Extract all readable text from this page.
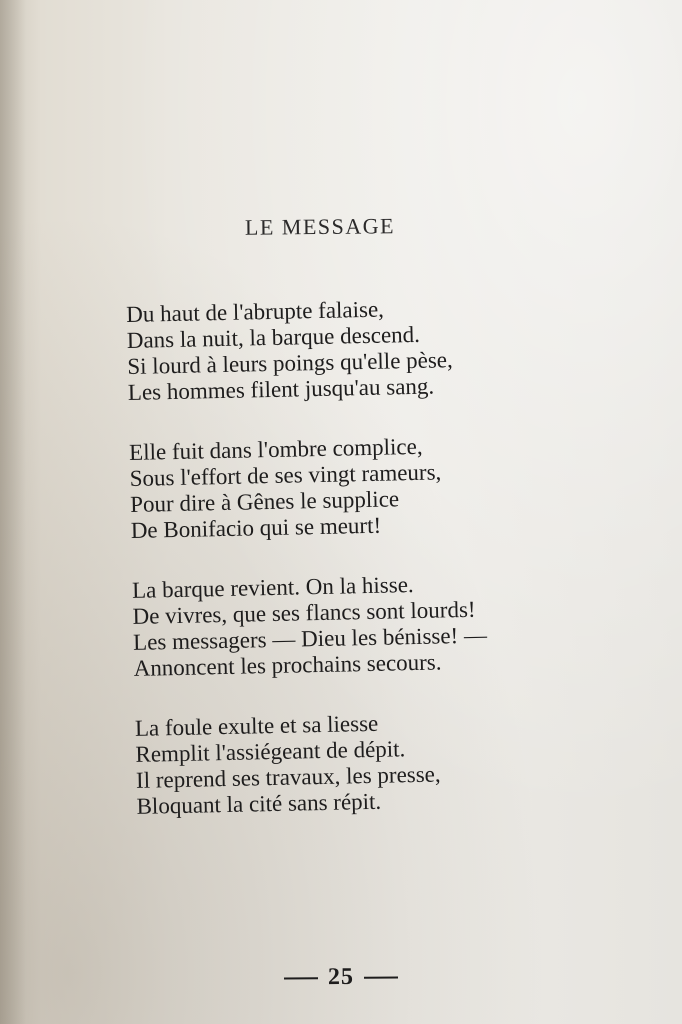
LE MESSAGE
Du haut de l'abrupte falaise,
Dans la nuit, la barque descend.
Si lourd à leurs poings qu'elle pèse,
Les hommes filent jusqu'au sang.
Elle fuit dans l'ombre complice,
Sous l'effort de ses vingt rameurs,
Pour dire à Gênes le supplice
De Bonifacio qui se meurt!
La barque revient. On la hisse.
De vivres, que ses flancs sont lourds!
Les messagers — Dieu les bénisse! —
Annoncent les prochains secours.
La foule exulte et sa liesse
Remplit l'assiégeant de dépit.
Il reprend ses travaux, les presse,
Bloquant la cité sans répit.
25
